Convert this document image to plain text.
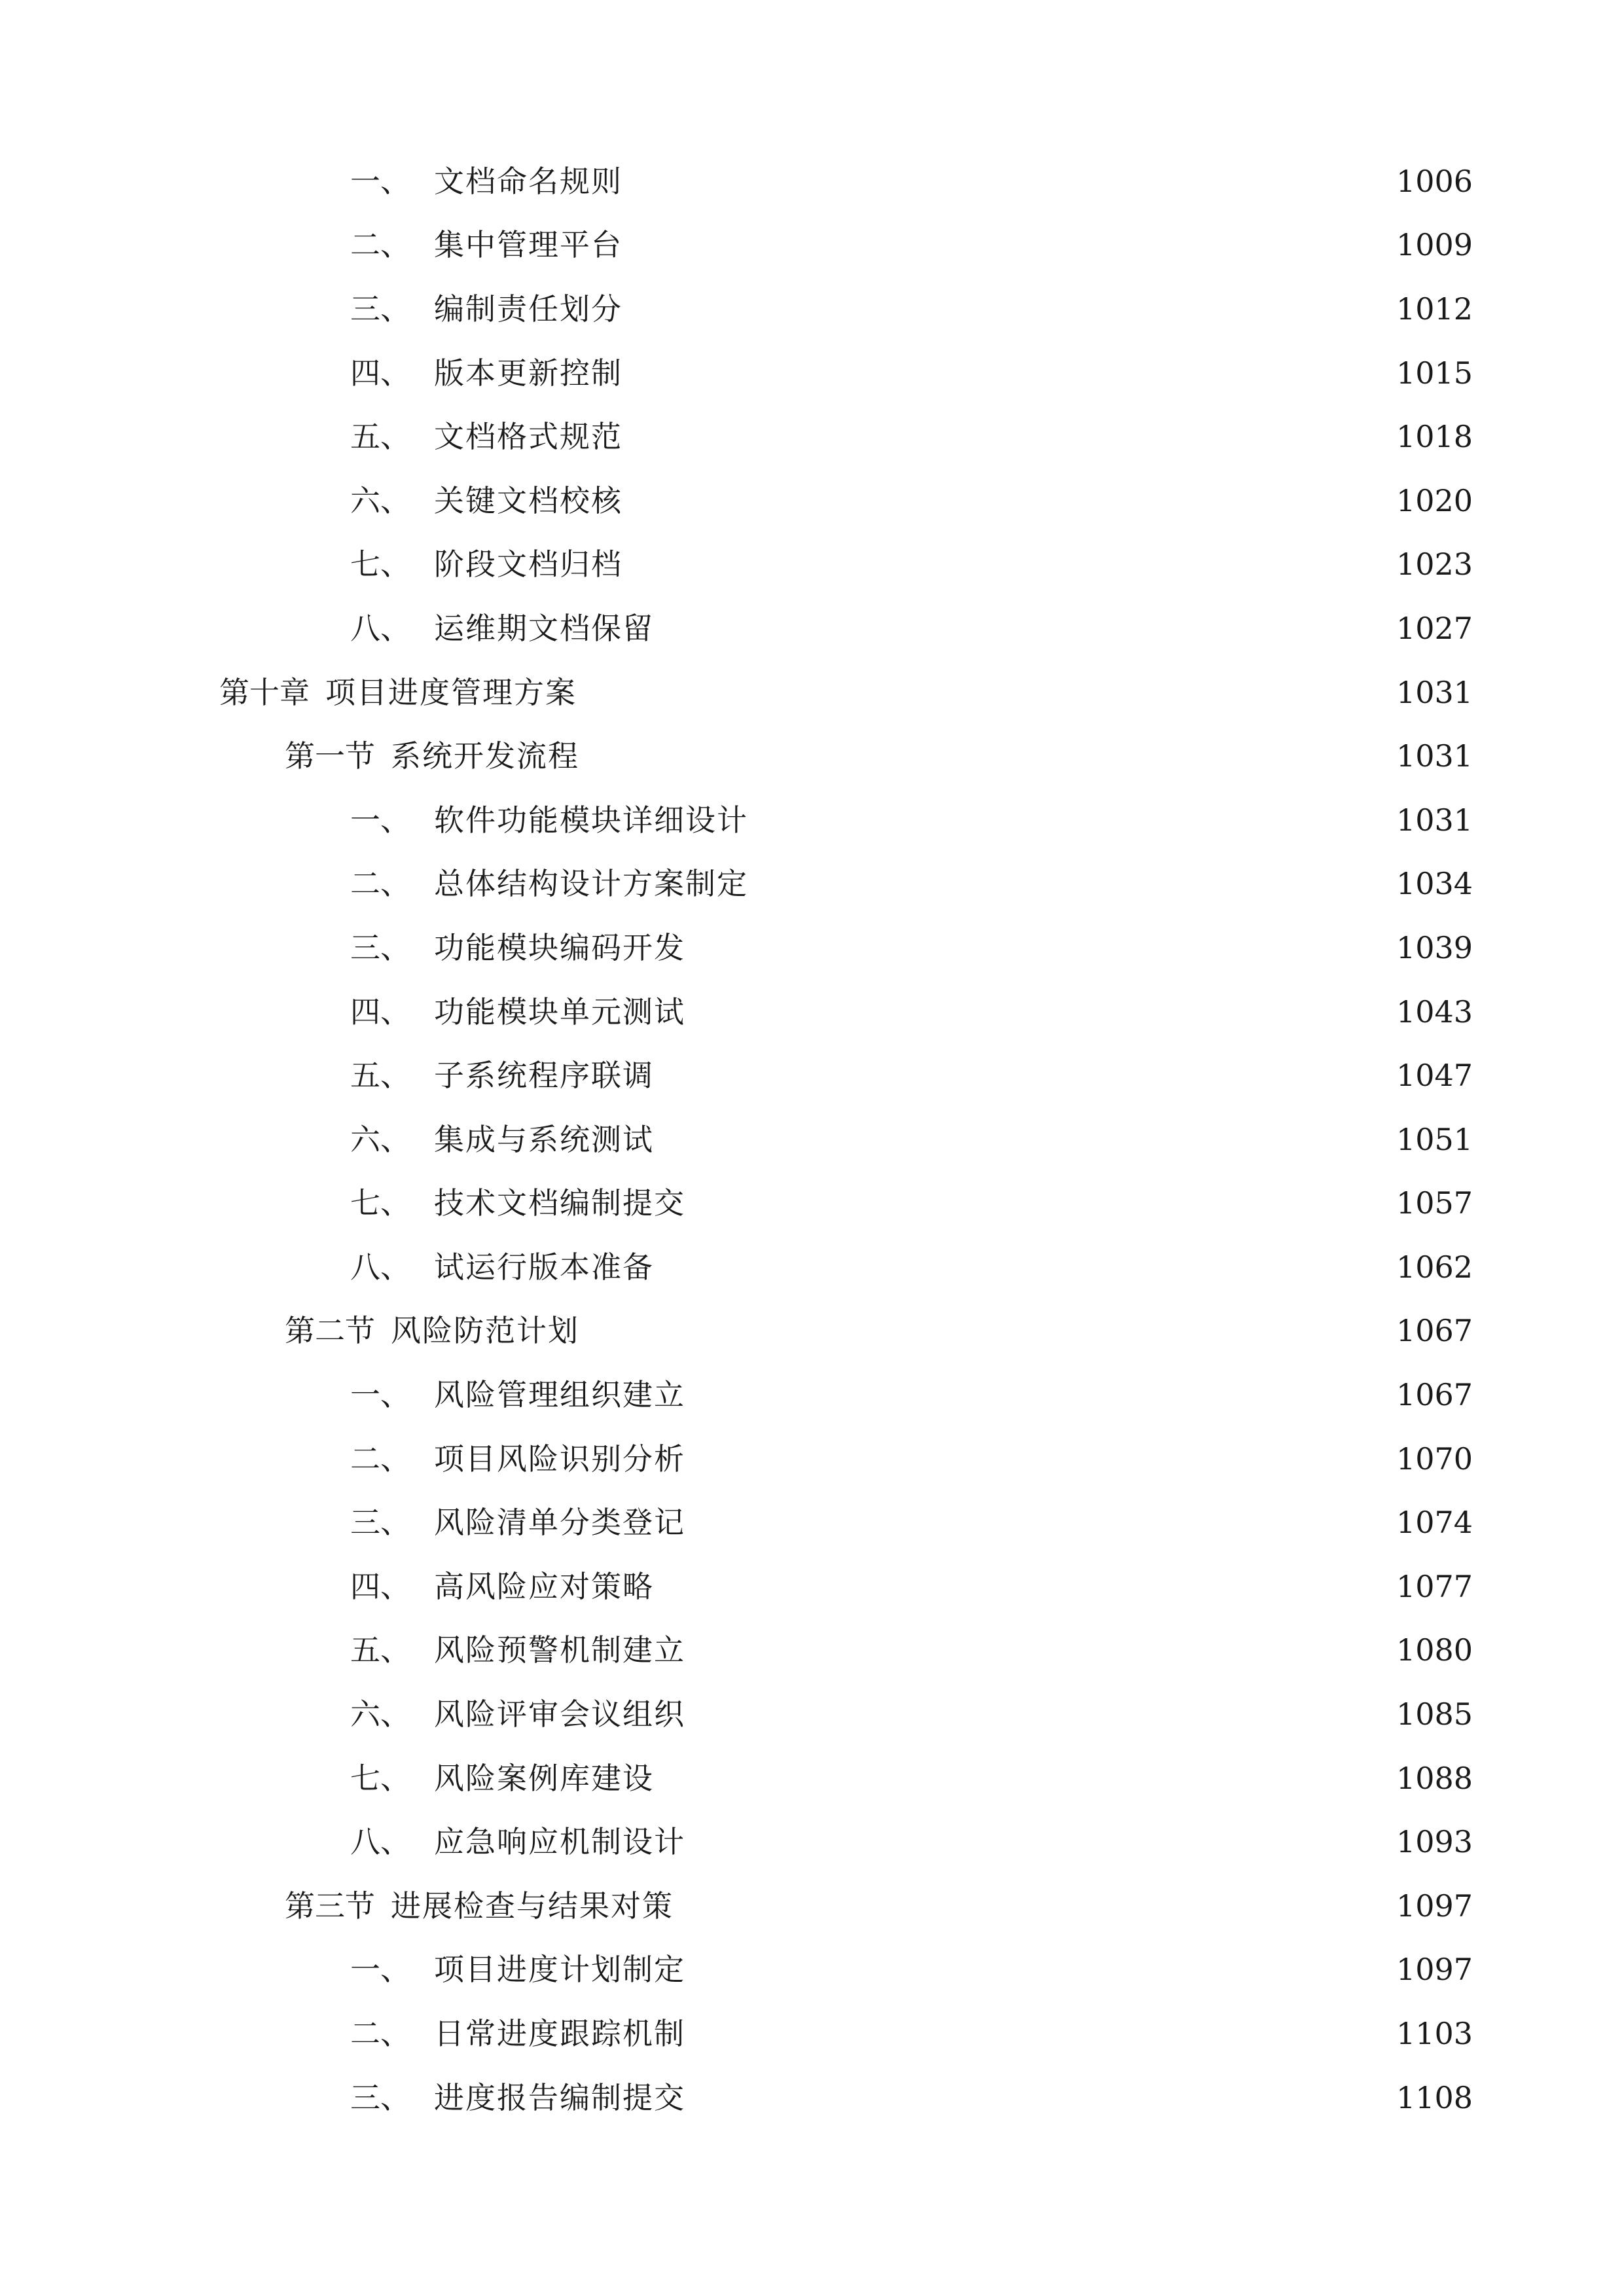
一、 文档命名规则	1006
二、 集中管理平台	1009
三、 编制责任划分	1012
四、 版本更新控制	1015
五、 文档格式规范	1018
六、 关键文档校核	1020
七、 阶段文档归档	1023
八、 运维期文档保留	1027
第十章 项目进度管理方案	1031
第一节 系统开发流程	1031
一、 软件功能模块详细设计	1031
二、 总体结构设计方案制定	1034
三、 功能模块编码开发	1039
四、 功能模块单元测试	1043
五、 子系统程序联调	1047
六、 集成与系统测试	1051
七、 技术文档编制提交	1057
八、 试运行版本准备	1062
第二节 风险防范计划	1067
一、 风险管理组织建立	1067
二、 项目风险识别分析	1070
三、 风险清单分类登记	1074
四、 高风险应对策略	1077
五、 风险预警机制建立	1080
六、 风险评审会议组织	1085
七、 风险案例库建设	1088
八、 应急响应机制设计	1093
第三节 进展检查与结果对策	1097
一、 项目进度计划制定	1097
二、 日常进度跟踪机制	1103
三、 进度报告编制提交	1108
